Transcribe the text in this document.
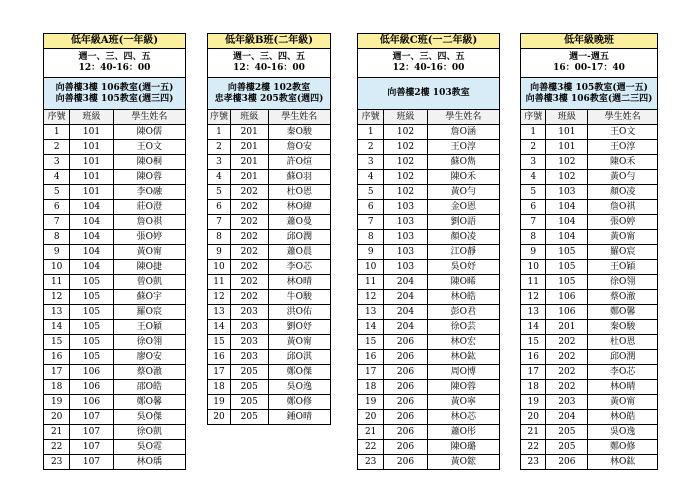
低年級A班(一年級)
週一、三、四、五
12：40-16：00
向善樓3樓 106教室(週一五)
向善樓3樓 105教室(週三四)
序號	班級	學生姓名
1	101	陳O儒
2	101	王O文
3	101	陳O桐
4	101	陳O蓉
5	101	李O融
6	104	莊O澄
7	104	詹O祺
8	104	張O婷
9	104	黃O甯
10	104	陳O捷
11	105	曾O凱
12	105	蘇O宇
13	105	羅O宸
14	105	王O穎
15	105	徐O翎
16	105	廖O安
17	106	蔡O澈
18	106	邵O皓
19	106	鄭O馨
20	107	吳O傑
21	107	徐O凱
22	107	吳O霓
23	107	林O瑀
低年級B班(二年級)
週一、三、四、五
12：40-16：00
向善樓2樓 102教室
忠孝樓3樓 205教室(週四)
序號	班級	學生姓名
1	201	秦O駿
2	201	詹O安
3	201	許O煊
4	201	蘇O羽
5	202	杜O恩
6	202	林O緯
7	202	蕭O曼
8	202	邱O潤
9	202	蕭O晨
10	202	李O芯
11	202	林O晴
12	202	牛O駿
13	203	洪O佑
14	203	劉O妤
15	203	黃O甯
16	203	邱O淇
17	205	鄭O傑
18	205	吳O逸
19	205	鄭O修
20	205	鍾O晴
低年級C班(一二年級)
週一、三、四、五
12：40-16：00
向善樓2樓 103教室
序號	班級	學生姓名
1	102	詹O涵
2	102	王O淳
3	102	蘇O雋
4	102	陳O禾
5	102	黃O勻
6	103	金O恩
7	103	劉O語
8	103	顏O凌
9	103	江O靜
10	103	吳O妤
11	204	陳O睎
12	204	林O皓
13	204	彭O君
14	204	徐O芸
15	206	林O宏
16	206	林O鈜
17	206	周O博
18	206	陳O蓉
19	206	黃O寧
20	206	林O芯
21	206	蕭O彤
22	206	陳O璐
23	206	黃O鋐
低年級晚班
週一-週五
16：00-17：40
向善樓3樓 105教室(週一五)
向善樓3樓 106教室(週二三四)
序號	班級	學生姓名
1	101	王O文
2	101	王O淳
3	102	陳O禾
4	102	黃O勻
5	103	顏O凌
6	104	詹O祺
7	104	張O婷
8	104	黃O甯
9	105	羅O宸
10	105	王O穎
11	105	徐O翎
12	106	蔡O澈
13	106	鄭O馨
14	201	秦O駿
15	202	杜O恩
16	202	邱O潤
17	202	李O芯
18	202	林O晴
19	203	黃O甯
20	204	林O皓
21	205	吳O逸
22	205	鄭O修
23	206	林O鈜
